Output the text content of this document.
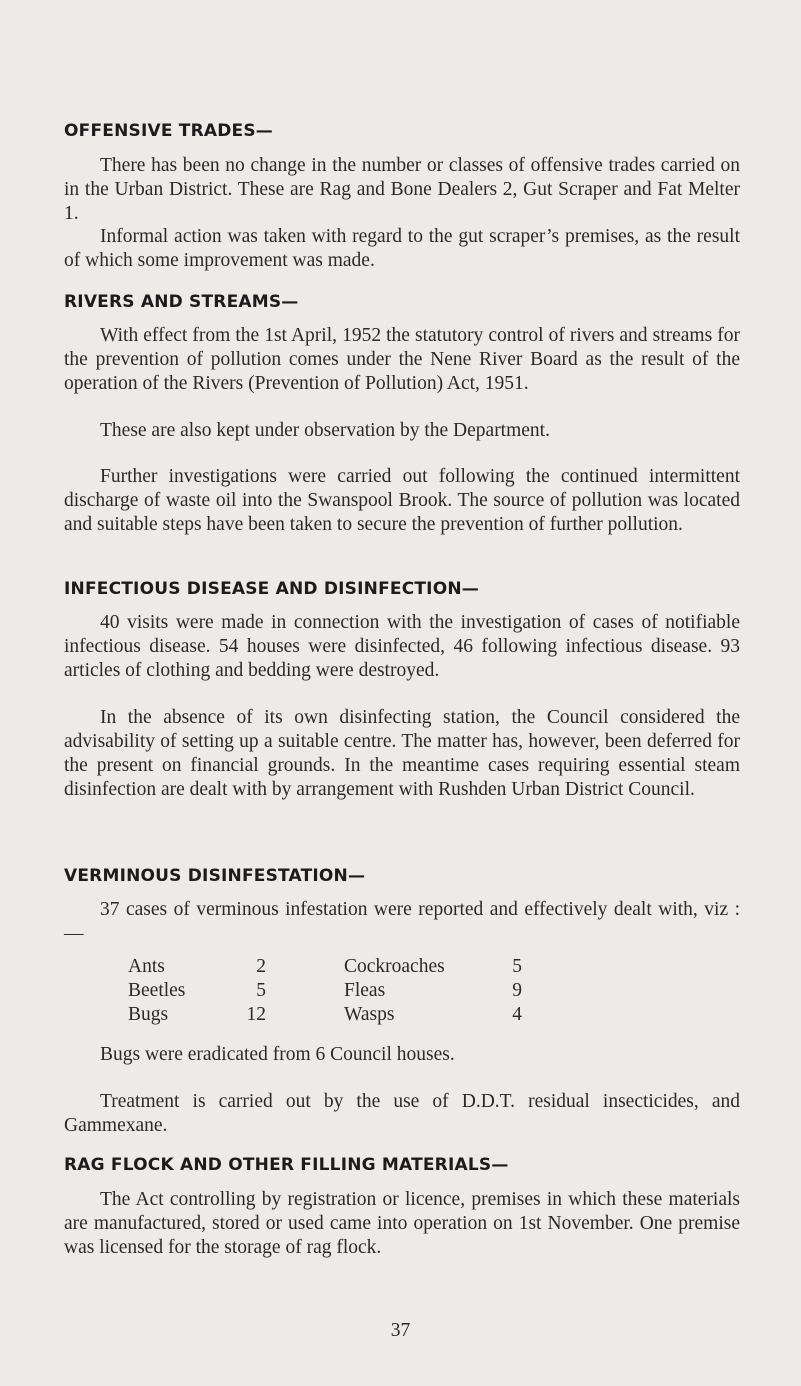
OFFENSIVE TRADES—

There has been no change in the number or classes of offensive trades carried on in the Urban District. These are Rag and Bone Dealers 2, Gut Scraper and Fat Melter 1.

Informal action was taken with regard to the gut scraper’s premises, as the result of which some improvement was made.

RIVERS AND STREAMS—

With effect from the 1st April, 1952 the statutory control of rivers and streams for the prevention of pollution comes under the Nene River Board as the result of the operation of the Rivers (Prevention of Pollution) Act, 1951.

These are also kept under observation by the Department.

Further investigations were carried out following the continued intermittent discharge of waste oil into the Swanspool Brook. The source of pollution was located and suitable steps have been taken to secure the prevention of further pollution.

INFECTIOUS DISEASE AND DISINFECTION—

40 visits were made in connection with the investigation of cases of notifiable infectious disease. 54 houses were disinfected, 46 following infectious disease. 93 articles of clothing and bedding were destroyed.

In the absence of its own disinfecting station, the Council considered the advisability of setting up a suitable centre. The matter has, however, been deferred for the present on financial grounds. In the meantime cases requiring essential steam disinfection are dealt with by arrangement with Rushden Urban District Council.

VERMINOUS DISINFESTATION—

37 cases of verminous infestation were reported and effectively dealt with, viz :—

Ants	2	Cockroaches	5
Beetles	5	Fleas	9
Bugs	12	Wasps	4

Bugs were eradicated from 6 Council houses.

Treatment is carried out by the use of D.D.T. residual insecticides, and Gammexane.

RAG FLOCK AND OTHER FILLING MATERIALS—

The Act controlling by registration or licence, premises in which these materials are manufactured, stored or used came into operation on 1st November. One premise was licensed for the storage of rag flock.

37
